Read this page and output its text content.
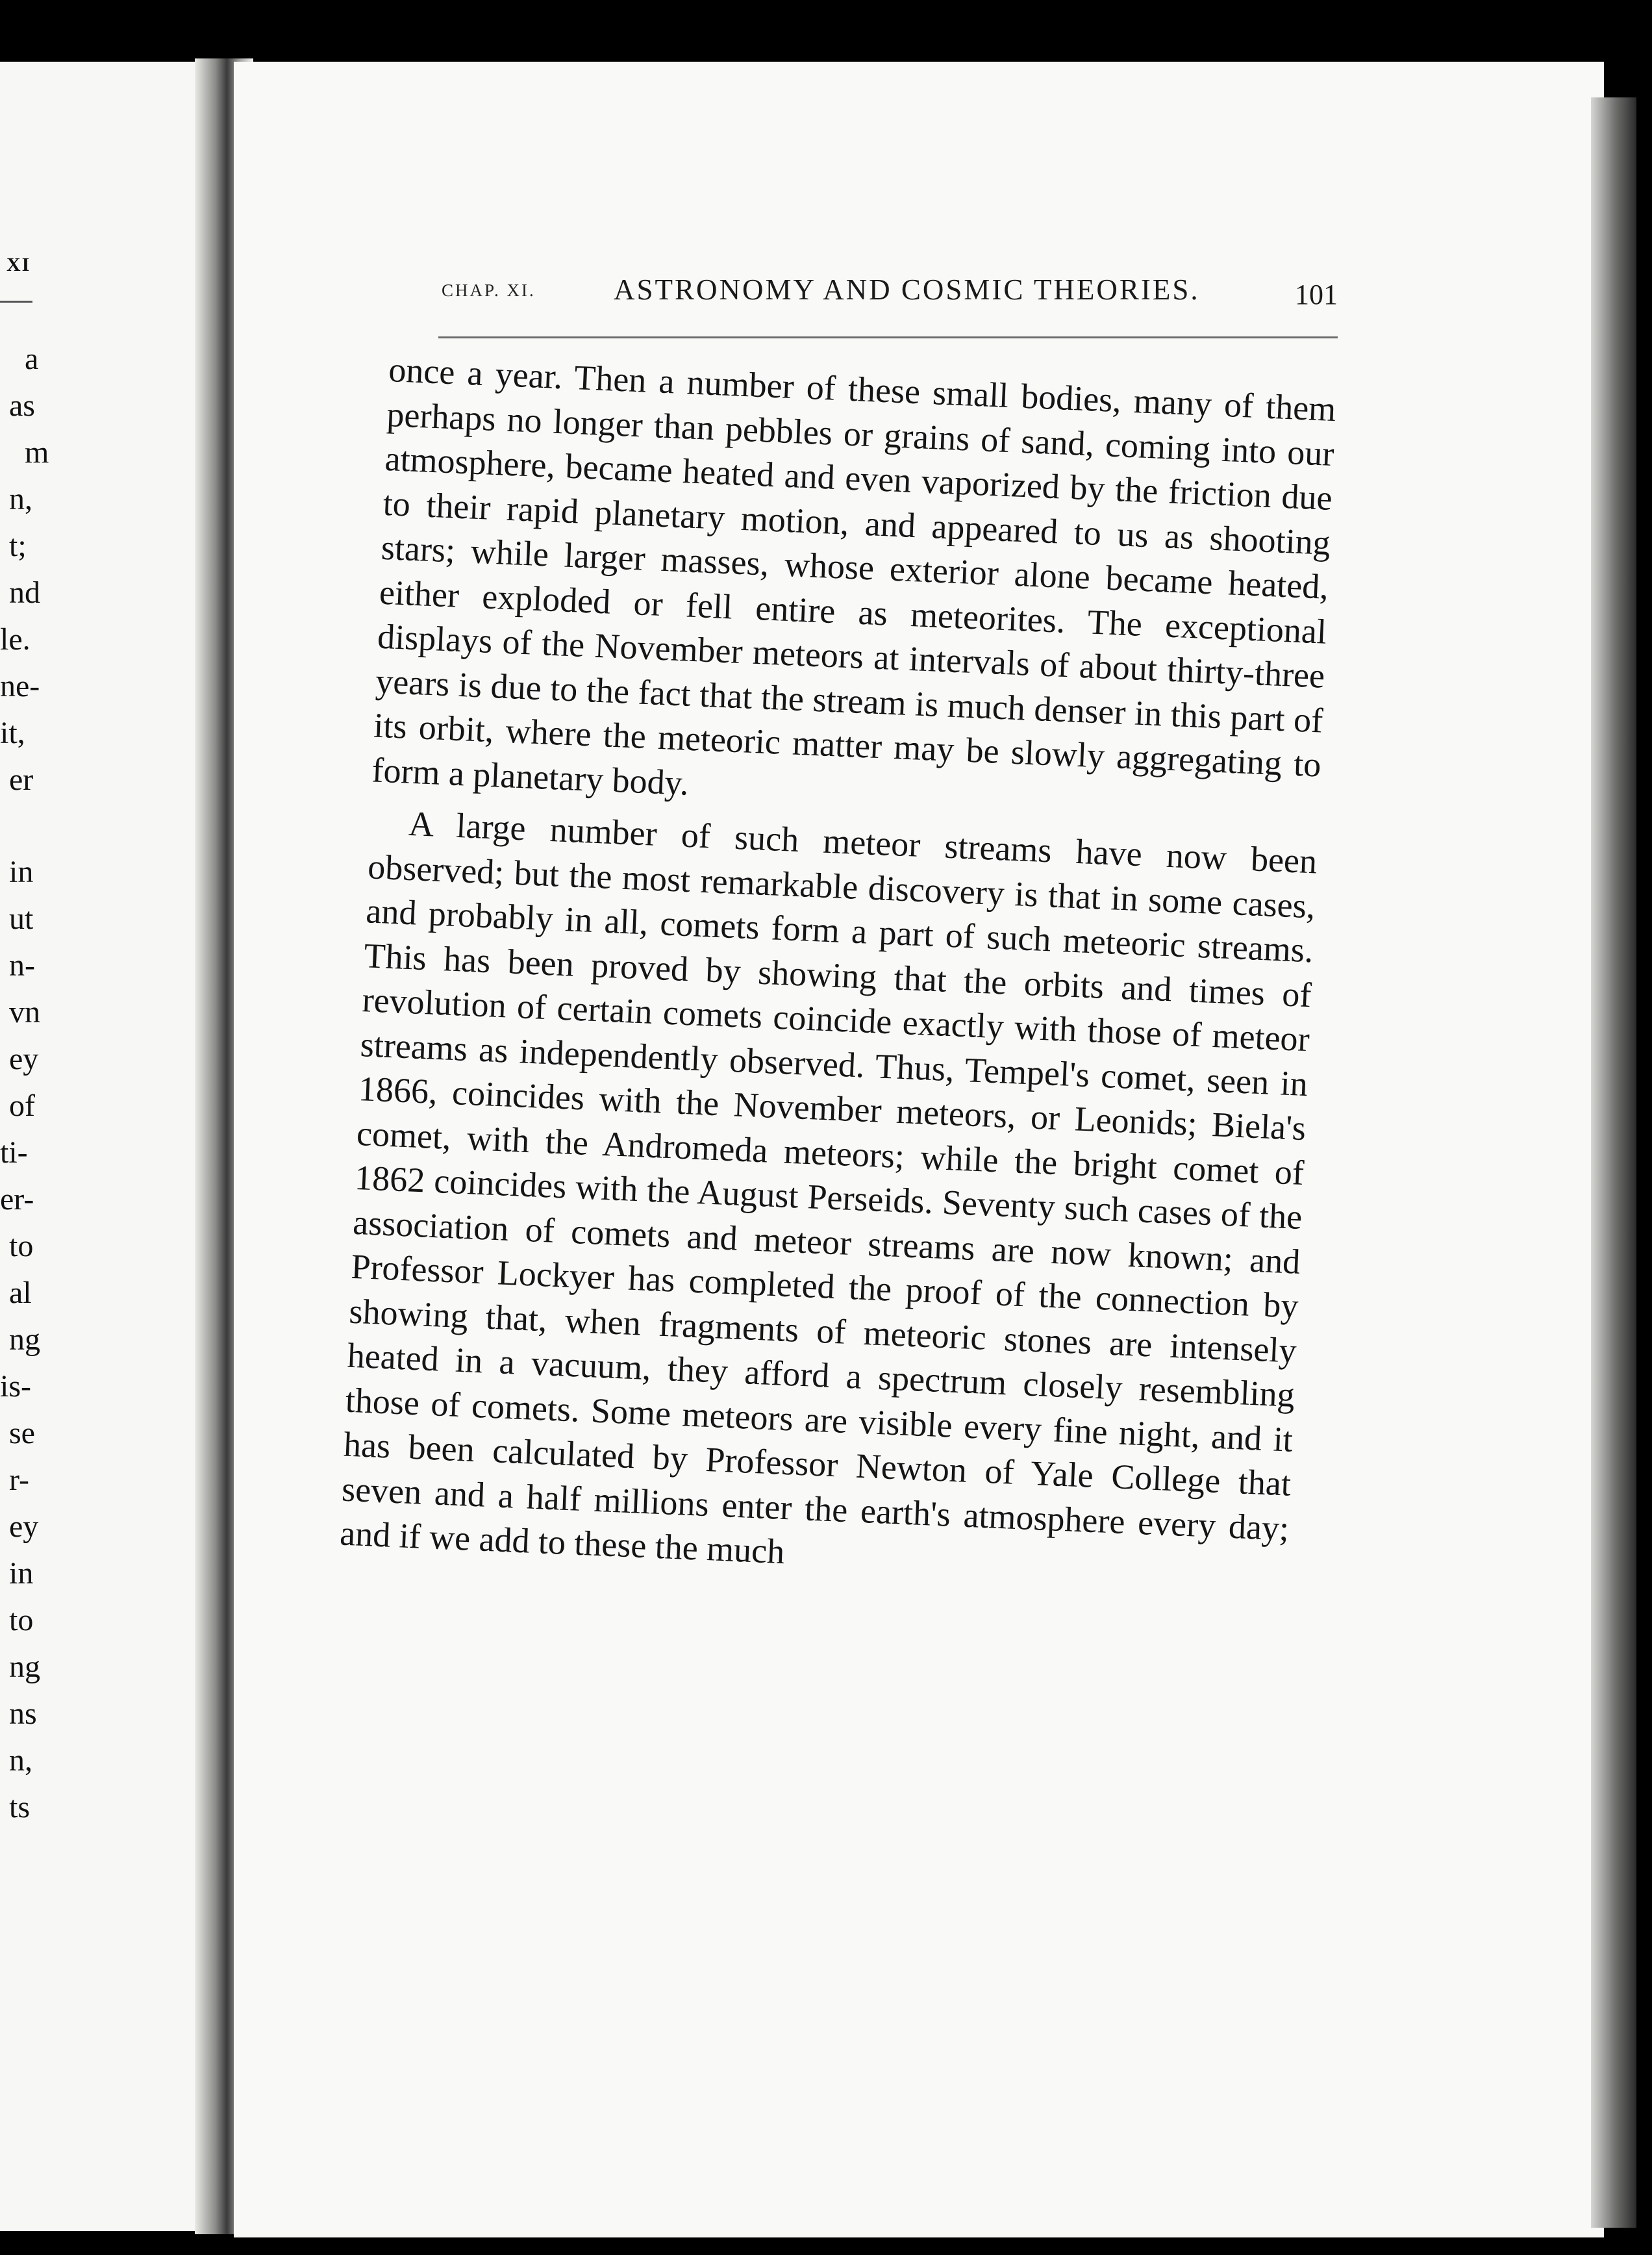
XI
a
as
m
n,
t;
nd
le.
ne-
it,
er
in
ut
n-
vn
ey
of
ti-
er-
to
al
ng
is-
se
r-
ey
in
to
ng
ns
n,
ts
CHAP. XI.	ASTRONOMY AND COSMIC THEORIES.	101

once a year. Then a number of these small bodies, many of them perhaps no longer than pebbles or grains of sand, coming into our atmosphere, became heated and even vaporized by the friction due to their rapid planetary motion, and appeared to us as shooting stars; while larger masses, whose exterior alone became heated, either exploded or fell entire as meteorites. The exceptional displays of the November meteors at intervals of about thirty-three years is due to the fact that the stream is much denser in this part of its orbit, where the meteoric matter may be slowly aggregating to form a planetary body.

A large number of such meteor streams have now been observed; but the most remarkable discovery is that in some cases, and probably in all, comets form a part of such meteoric streams. This has been proved by showing that the orbits and times of revolution of certain comets coincide exactly with those of meteor streams as independently observed. Thus, Tempel's comet, seen in 1866, coincides with the November meteors, or Leonids; Biela's comet, with the Andromeda meteors; while the bright comet of 1862 coincides with the August Perseids. Seventy such cases of the association of comets and meteor streams are now known; and Professor Lockyer has completed the proof of the connection by showing that, when fragments of meteoric stones are intensely heated in a vacuum, they afford a spectrum closely resembling those of comets. Some meteors are visible every fine night, and it has been calculated by Professor Newton of Yale College that seven and a half millions enter the earth's atmosphere every day; and if we add to these the much
